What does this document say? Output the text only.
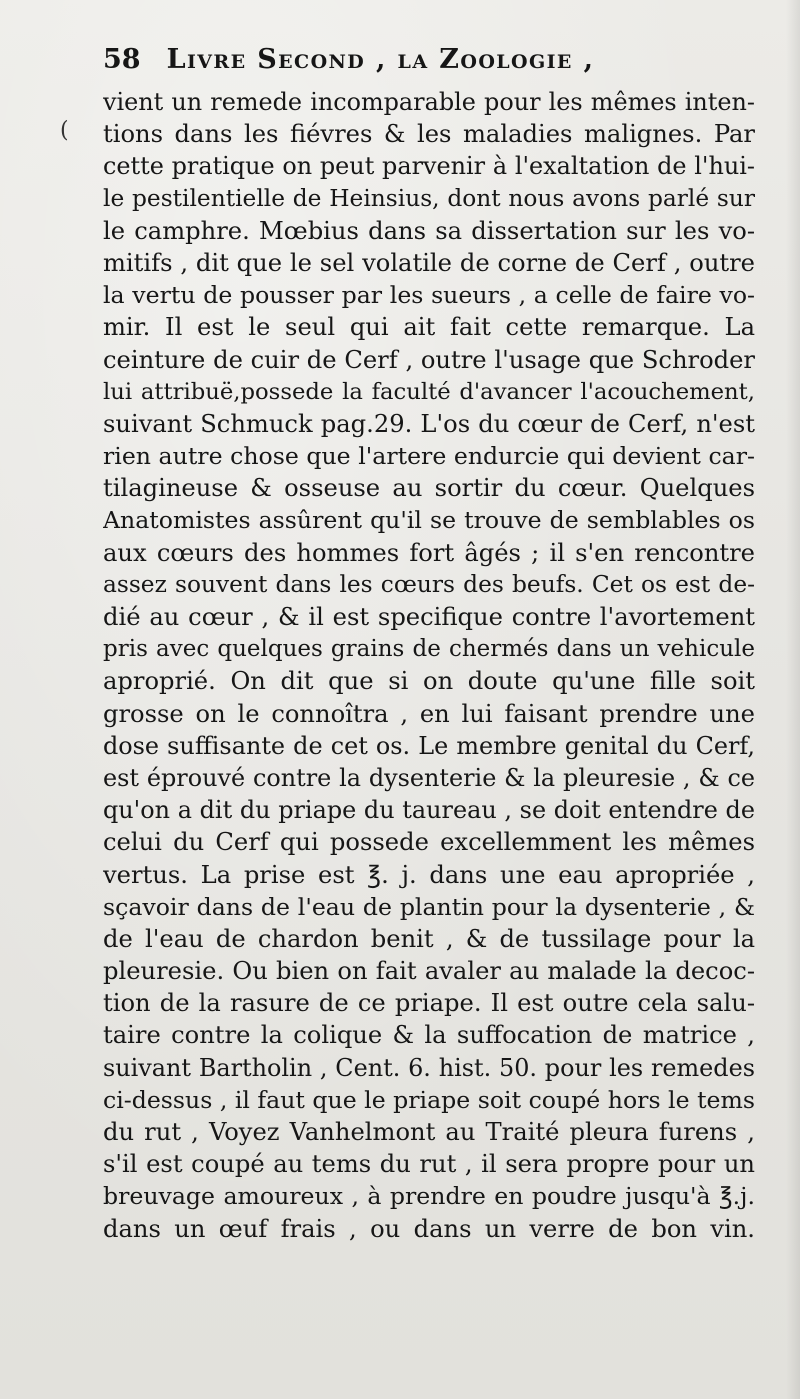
58 Livre Second , la Zoologie ,
(
vient un remede incomparable pour les mêmes inten-
tions dans les fiévres & les maladies malignes. Par
cette pratique on peut parvenir à l'exaltation de l'hui-
le pestilentielle de Heinsius, dont nous avons parlé sur
le camphre. Mœbius dans sa dissertation sur les vo-
mitifs , dit que le sel volatile de corne de Cerf , outre
la vertu de pousser par les sueurs , a celle de faire vo-
mir. Il est le seul qui ait fait cette remarque. La
ceinture de cuir de Cerf , outre l'usage que Schroder
lui attribuë,possede la faculté d'avancer l'acouchement,
suivant Schmuck pag.29. L'os du cœur de Cerf, n'est
rien autre chose que l'artere endurcie qui devient car-
tilagineuse & osseuse au sortir du cœur. Quelques
Anatomistes assûrent qu'il se trouve de semblables os
aux cœurs des hommes fort âgés ; il s'en rencontre
assez souvent dans les cœurs des beufs. Cet os est de-
dié au cœur , & il est specifique contre l'avortement
pris avec quelques grains de chermés dans un vehicule
aproprié. On dit que si on doute qu'une fille soit
grosse on le connoîtra , en lui faisant prendre une
dose suffisante de cet os. Le membre genital du Cerf,
est éprouvé contre la dysenterie & la pleuresie , & ce
qu'on a dit du priape du taureau , se doit entendre de
celui du Cerf qui possede excellemment les mêmes
vertus. La prise est ℥. j. dans une eau apropriée ,
sçavoir dans de l'eau de plantin pour la dysenterie , &
de l'eau de chardon benit , & de tussilage pour la
pleuresie. Ou bien on fait avaler au malade la decoc-
tion de la rasure de ce priape. Il est outre cela salu-
taire contre la colique & la suffocation de matrice ,
suivant Bartholin , Cent. 6. hist. 50. pour les remedes
ci-dessus , il faut que le priape soit coupé hors le tems
du rut , Voyez Vanhelmont au Traité pleura furens ,
s'il est coupé au tems du rut , il sera propre pour un
breuvage amoureux , à prendre en poudre jusqu'à ℥.j.
dans un œuf frais , ou dans un verre de bon vin.
